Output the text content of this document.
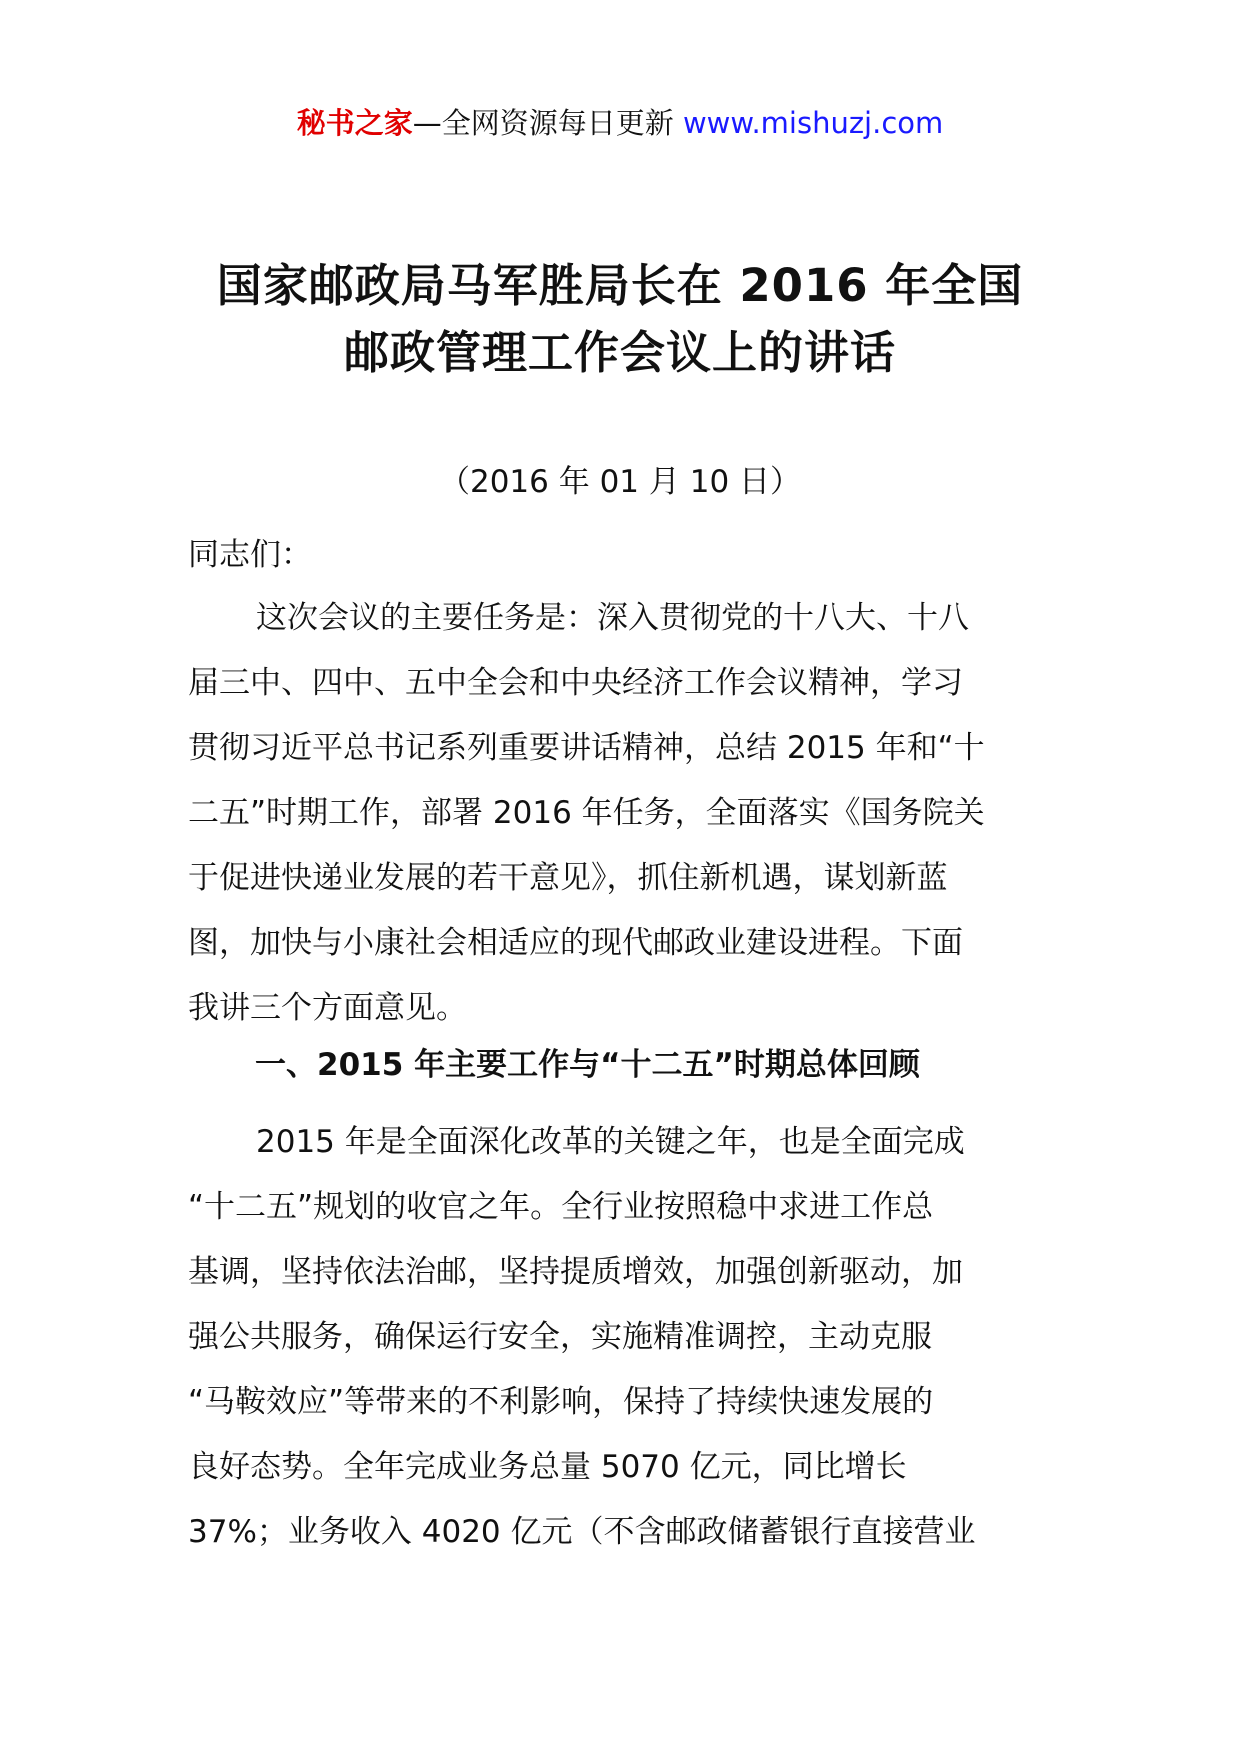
秘书之家—全网资源每日更新 www.mishuzj.com
国家邮政局马军胜局长在 2016 年全国
邮政管理工作会议上的讲话
（2016 年 01 月 10 日）
同志们：
这次会议的主要任务是：深入贯彻党的十八大、十八
届三中、四中、五中全会和中央经济工作会议精神，学习
贯彻习近平总书记系列重要讲话精神，总结 2015 年和“十
二五”时期工作，部署 2016 年任务，全面落实《国务院关
于促进快递业发展的若干意见》，抓住新机遇，谋划新蓝
图，加快与小康社会相适应的现代邮政业建设进程。下面
我讲三个方面意见。
一、2015 年主要工作与“十二五”时期总体回顾
2015 年是全面深化改革的关键之年，也是全面完成
“十二五”规划的收官之年。全行业按照稳中求进工作总
基调，坚持依法治邮，坚持提质增效，加强创新驱动，加
强公共服务，确保运行安全，实施精准调控，主动克服
“马鞍效应”等带来的不利影响，保持了持续快速发展的
良好态势。全年完成业务总量 5070 亿元，同比增长
37%；业务收入 4020 亿元（不含邮政储蓄银行直接营业
